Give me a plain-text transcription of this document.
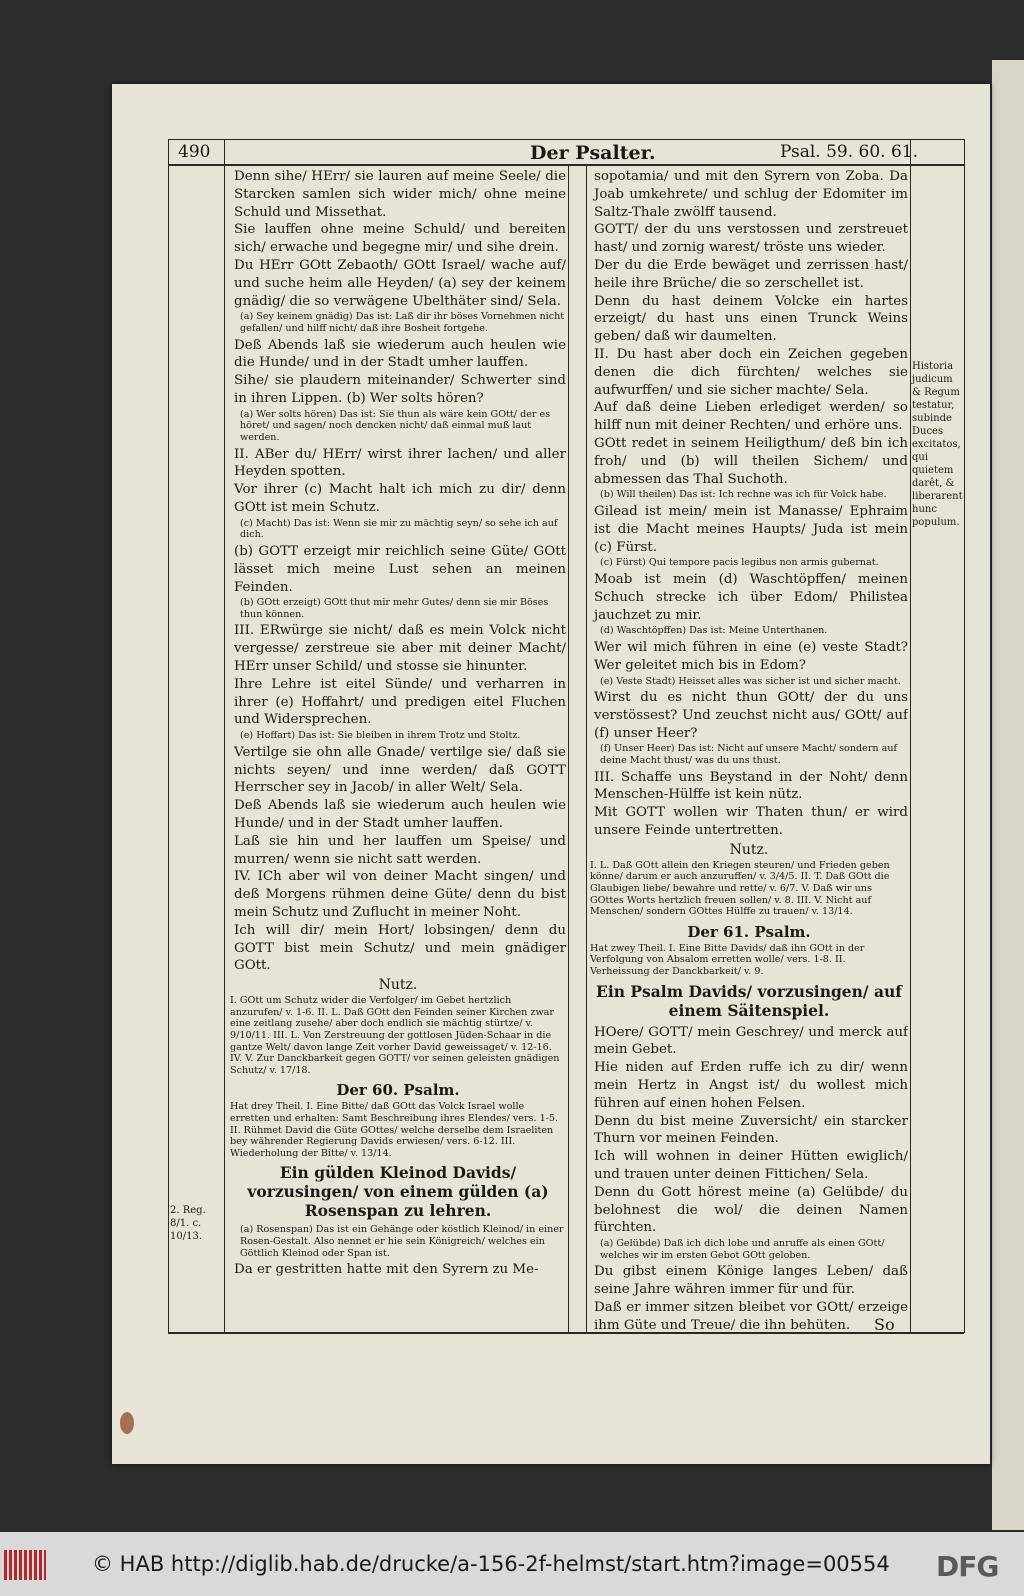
490	Der Psalter.	Psal. 59. 60. 61.
Denn sihe/ HErr/ sie lauren auf meine Seele/ die Starcken samlen sich wider mich/ ohne meine Schuld und Missethat.
Sie lauffen ohne meine Schuld/ und bereiten sich/ erwache und begegne mir/ und sihe drein.
Du HErr GOtt Zebaoth/ GOtt Israel/ wache auf/ und suche heim alle Heyden/ (a) sey der keinem gnädig/ die so verwägene Ubelthäter sind/ Sela.
(a) Sey keinem gnädig) Das ist: Laß dir ihr böses Vornehmen nicht gefallen/ und hilff nicht/ daß ihre Bosheit fortgehe.
Deß Abends laß sie wiederum auch heulen wie die Hunde/ und in der Stadt umher lauffen.
Sihe/ sie plaudern miteinander/ Schwerter sind in ihren Lippen. (b) Wer solts hören?
(a) Wer solts hören) Das ist: Sie thun als wäre kein GOtt/ der es höret/ und sagen/ noch dencken nicht/ daß einmal muß laut werden.
II. ABer du/ HErr/ wirst ihrer lachen/ und aller Heyden spotten.
Vor ihrer (c) Macht halt ich mich zu dir/ denn GOtt ist mein Schutz.
(c) Macht) Das ist: Wenn sie mir zu mächtig seyn/ so sehe ich auf dich.
(b) GOTT erzeigt mir reichlich seine Güte/ GOtt lässet mich meine Lust sehen an meinen Feinden.
(b) GOtt erzeigt) GOtt thut mir mehr Gutes/ denn sie mir Böses thun können.
III. ERwürge sie nicht/ daß es mein Volck nicht vergesse/ zerstreue sie aber mit deiner Macht/ HErr unser Schild/ und stosse sie hinunter.
Ihre Lehre ist eitel Sünde/ und verharren in ihrer (e) Hoffahrt/ und predigen eitel Fluchen und Widersprechen.
(e) Hoffart) Das ist: Sie bleiben in ihrem Trotz und Stoltz.
Vertilge sie ohn alle Gnade/ vertilge sie/ daß sie nichts seyen/ und inne werden/ daß GOTT Herrscher sey in Jacob/ in aller Welt/ Sela.
Deß Abends laß sie wiederum auch heulen wie Hunde/ und in der Stadt umher lauffen.
Laß sie hin und her lauffen um Speise/ und murren/ wenn sie nicht satt werden.
IV. ICh aber wil von deiner Macht singen/ und deß Morgens rühmen deine Güte/ denn du bist mein Schutz und Zuflucht in meiner Noht.
Ich will dir/ mein Hort/ lobsingen/ denn du GOTT bist mein Schutz/ und mein gnädiger GOtt.
Nutz.
I. GOtt um Schutz wider die Verfolger/ im Gebet hertzlich anzurufen/ v. 1-6. II. L. Daß GOtt den Feinden seiner Kirchen zwar eine zeitlang zusehe/ aber doch endlich sie mächtig stürtze/ v. 9/10/11. III. L. Von Zerstreuung der gottlosen Jüden-Schaar in die gantze Welt/ davon lange Zeit vorher David geweissaget/ v. 12-16. IV. V. Zur Danckbarkeit gegen GOTT/ vor seinen geleisten gnädigen Schutz/ v. 17/18.
Der 60. Psalm.
Hat drey Theil. I. Eine Bitte/ daß GOtt das Volck Israel wolle erretten und erhalten: Samt Beschreibung ihres Elendes/ vers. 1-5. II. Rühmet David die Güte GOttes/ welche derselbe dem Israeliten bey währender Regierung Davids erwiesen/ vers. 6-12. III. Wiederholung der Bitte/ v. 13/14.
Ein gülden Kleinod Davids/ vorzusingen/ von einem gülden (a) Rosenspan zu lehren.
(a) Rosenspan) Das ist ein Gehänge oder köstlich Kleinod/ in einer Rosen-Gestalt. Also nennet er hie sein Königreich/ welches ein Göttlich Kleinod oder Span ist.
Da er gestritten hatte mit den Syrern zu Me-
sopotamia/ und mit den Syrern von Zoba. Da Joab umkehrete/ und schlug der Edomiter im Saltz-Thale zwölff tausend.
GOTT/ der du uns verstossen und zerstreuet hast/ und zornig warest/ tröste uns wieder.
Der du die Erde bewäget und zerrissen hast/ heile ihre Brüche/ die so zerschellet ist.
Denn du hast deinem Volcke ein hartes erzeigt/ du hast uns einen Trunck Weins geben/ daß wir daumelten.
II. Du hast aber doch ein Zeichen gegeben denen die dich fürchten/ welches sie aufwurffen/ und sie sicher machte/ Sela.
Auf daß deine Lieben erlediget werden/ so hilff nun mit deiner Rechten/ und erhöre uns.
GOtt redet in seinem Heiligthum/ deß bin ich froh/ und (b) will theilen Sichem/ und abmessen das Thal Suchoth.
(b) Will theilen) Das ist: Ich rechne was ich für Volck habe.
Gilead ist mein/ mein ist Manasse/ Ephraim ist die Macht meines Haupts/ Juda ist mein (c) Fürst.
(c) Fürst) Qui tempore pacis legibus non armis gubernat.
Moab ist mein (d) Waschtöpffen/ meinen Schuch strecke ich über Edom/ Philistea jauchzet zu mir.
(d) Waschtöpffen) Das ist: Meine Unterthanen.
Wer wil mich führen in eine (e) veste Stadt? Wer geleitet mich bis in Edom?
(e) Veste Stadt) Heisset alles was sicher ist und sicher macht.
Wirst du es nicht thun GOtt/ der du uns verstössest? Und zeuchst nicht aus/ GOtt/ auf (f) unser Heer?
(f) Unser Heer) Das ist: Nicht auf unsere Macht/ sondern auf deine Macht thust/ was du uns thust.
III. Schaffe uns Beystand in der Noht/ denn Menschen-Hülffe ist kein nütz.
Mit GOTT wollen wir Thaten thun/ er wird unsere Feinde untertretten.
Nutz.
I. L. Daß GOtt allein den Kriegen steuren/ und Frieden geben könne/ darum er auch anzuruffen/ v. 3/4/5. II. T. Daß GOtt die Glaubigen liebe/ bewahre und rette/ v. 6/7. V. Daß wir uns GOttes Worts hertzlich freuen sollen/ v. 8. III. V. Nicht auf Menschen/ sondern GOttes Hülffe zu trauen/ v. 13/14.
Der 61. Psalm.
Hat zwey Theil. I. Eine Bitte Davids/ daß ihn GOtt in der Verfolgung von Absalom erretten wolle/ vers. 1-8. II. Verheissung der Danckbarkeit/ v. 9.
Ein Psalm Davids/ vorzusingen/ auf einem Säitenspiel.
HOere/ GOTT/ mein Geschrey/ und merck auf mein Gebet.
Hie niden auf Erden ruffe ich zu dir/ wenn mein Hertz in Angst ist/ du wollest mich führen auf einen hohen Felsen.
Denn du bist meine Zuversicht/ ein starcker Thurn vor meinen Feinden.
Ich will wohnen in deiner Hütten ewiglich/ und trauen unter deinen Fittichen/ Sela.
Denn du Gott hörest meine (a) Gelübde/ du belohnest die wol/ die deinen Namen fürchten.
(a) Gelübde) Daß ich dich lobe und anruffe als einen GOtt/ welches wir im ersten Gebot GOtt geloben.
Du gibst einem Könige langes Leben/ daß seine Jahre währen immer für und für.
Daß er immer sitzen bleibet vor GOtt/ erzeige ihm Güte und Treue/ die ihn behüten.
Historia judicum & Regum testatur, subinde Duces excitatos, qui quietem darêt, & liberarent hunc populum.
2. Reg. 8/1. c. 10/13.
So
© HAB http://diglib.hab.de/drucke/a-156-2f-helmst/start.htm?image=00554 DFG
